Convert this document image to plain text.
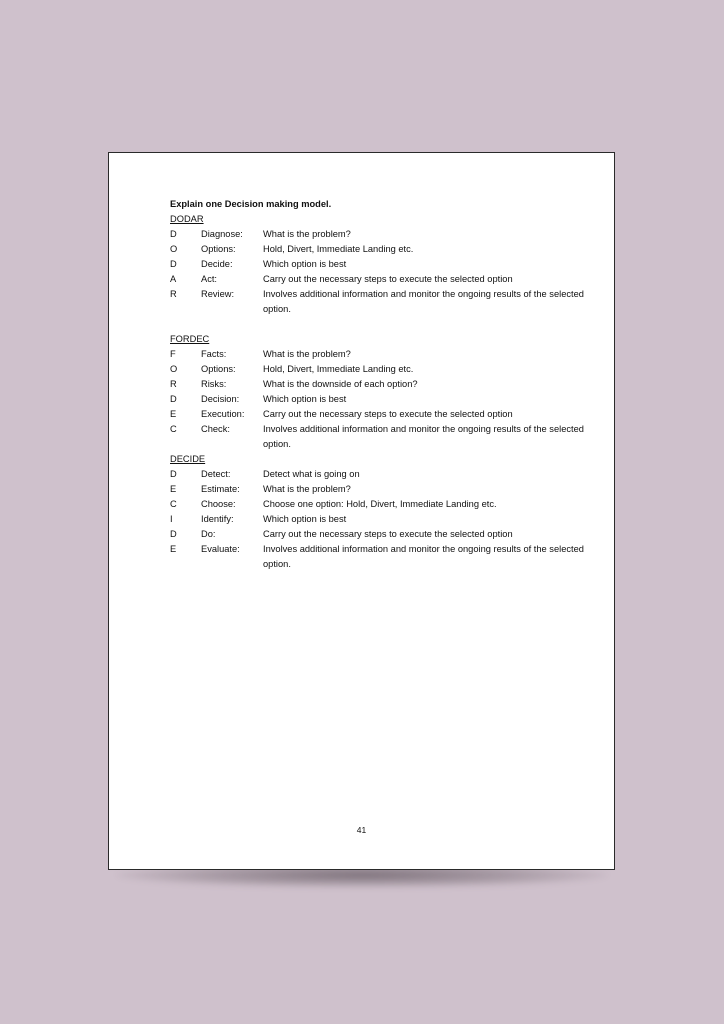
Explain one Decision making model.
DODAR
D	Diagnose:	What is the problem?
O	Options:	Hold, Divert, Immediate Landing etc.
D	Decide:	Which option is best
A	Act:	Carry out the necessary steps to execute the selected option
R	Review:	Involves additional information and monitor the ongoing results of the selected option.
FORDEC
F	Facts:	What is the problem?
O	Options:	Hold, Divert, Immediate Landing etc.
R	Risks:	What is the downside of each option?
D	Decision:	Which option is best
E	Execution:	Carry out the necessary steps to execute the selected option
C	Check:	Involves additional information and monitor the ongoing results of the selected option.
DECIDE
D	Detect:	Detect what is going on
E	Estimate:	What is the problem?
C	Choose:	Choose one option: Hold, Divert, Immediate Landing etc.
I	Identify:	Which option is best
D	Do:	Carry out the necessary steps to execute the selected option
E	Evaluate:	Involves additional information and monitor the ongoing results of the selected option.
41
